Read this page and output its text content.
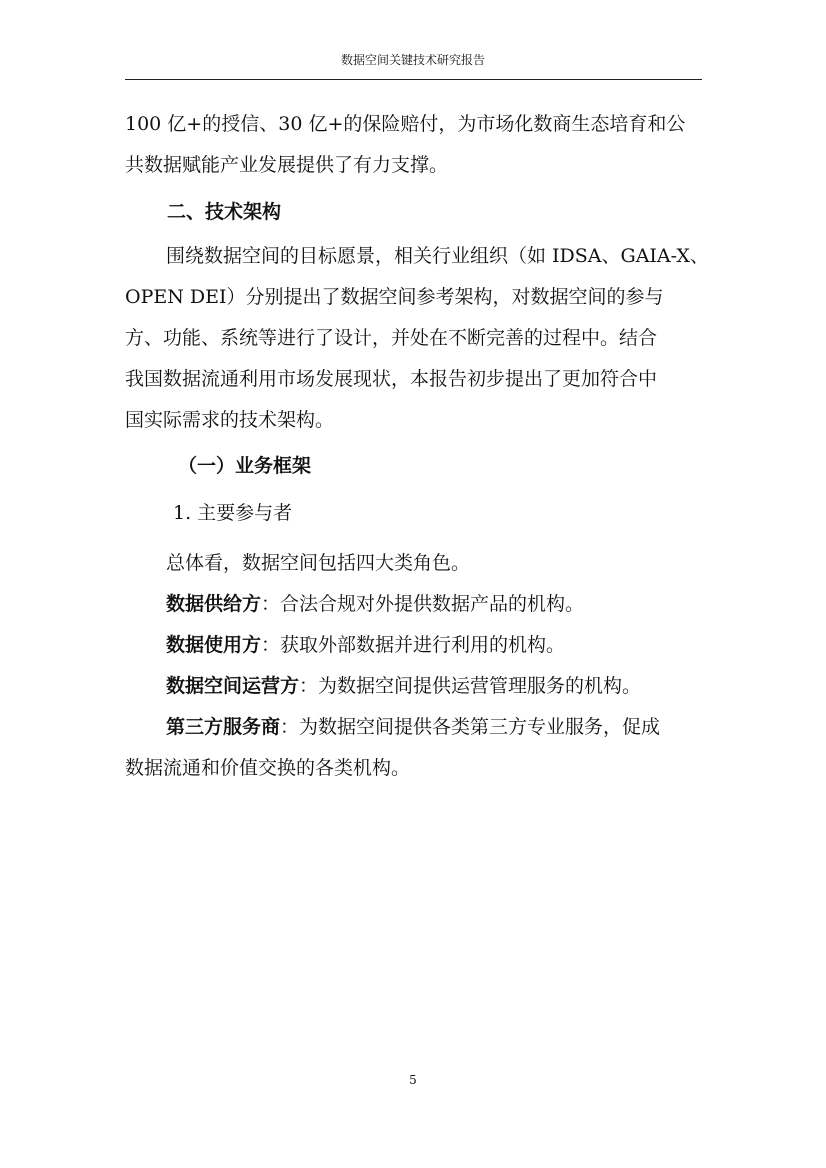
数据空间关键技术研究报告

100 亿+的授信、30 亿+的保险赔付，为市场化数商生态培育和公

共数据赋能产业发展提供了有力支撑。

二、技术架构

围绕数据空间的目标愿景，相关行业组织（如 IDSA、GAIA-X、

OPEN DEI）分别提出了数据空间参考架构，对数据空间的参与

方、功能、系统等进行了设计，并处在不断完善的过程中。结合

我国数据流通利用市场发展现状，本报告初步提出了更加符合中

国实际需求的技术架构。

（一）业务框架

1. 主要参与者

总体看，数据空间包括四大类角色。

数据供给方：合法合规对外提供数据产品的机构。

数据使用方：获取外部数据并进行利用的机构。

数据空间运营方：为数据空间提供运营管理服务的机构。

第三方服务商：为数据空间提供各类第三方专业服务，促成

数据流通和价值交换的各类机构。

5
